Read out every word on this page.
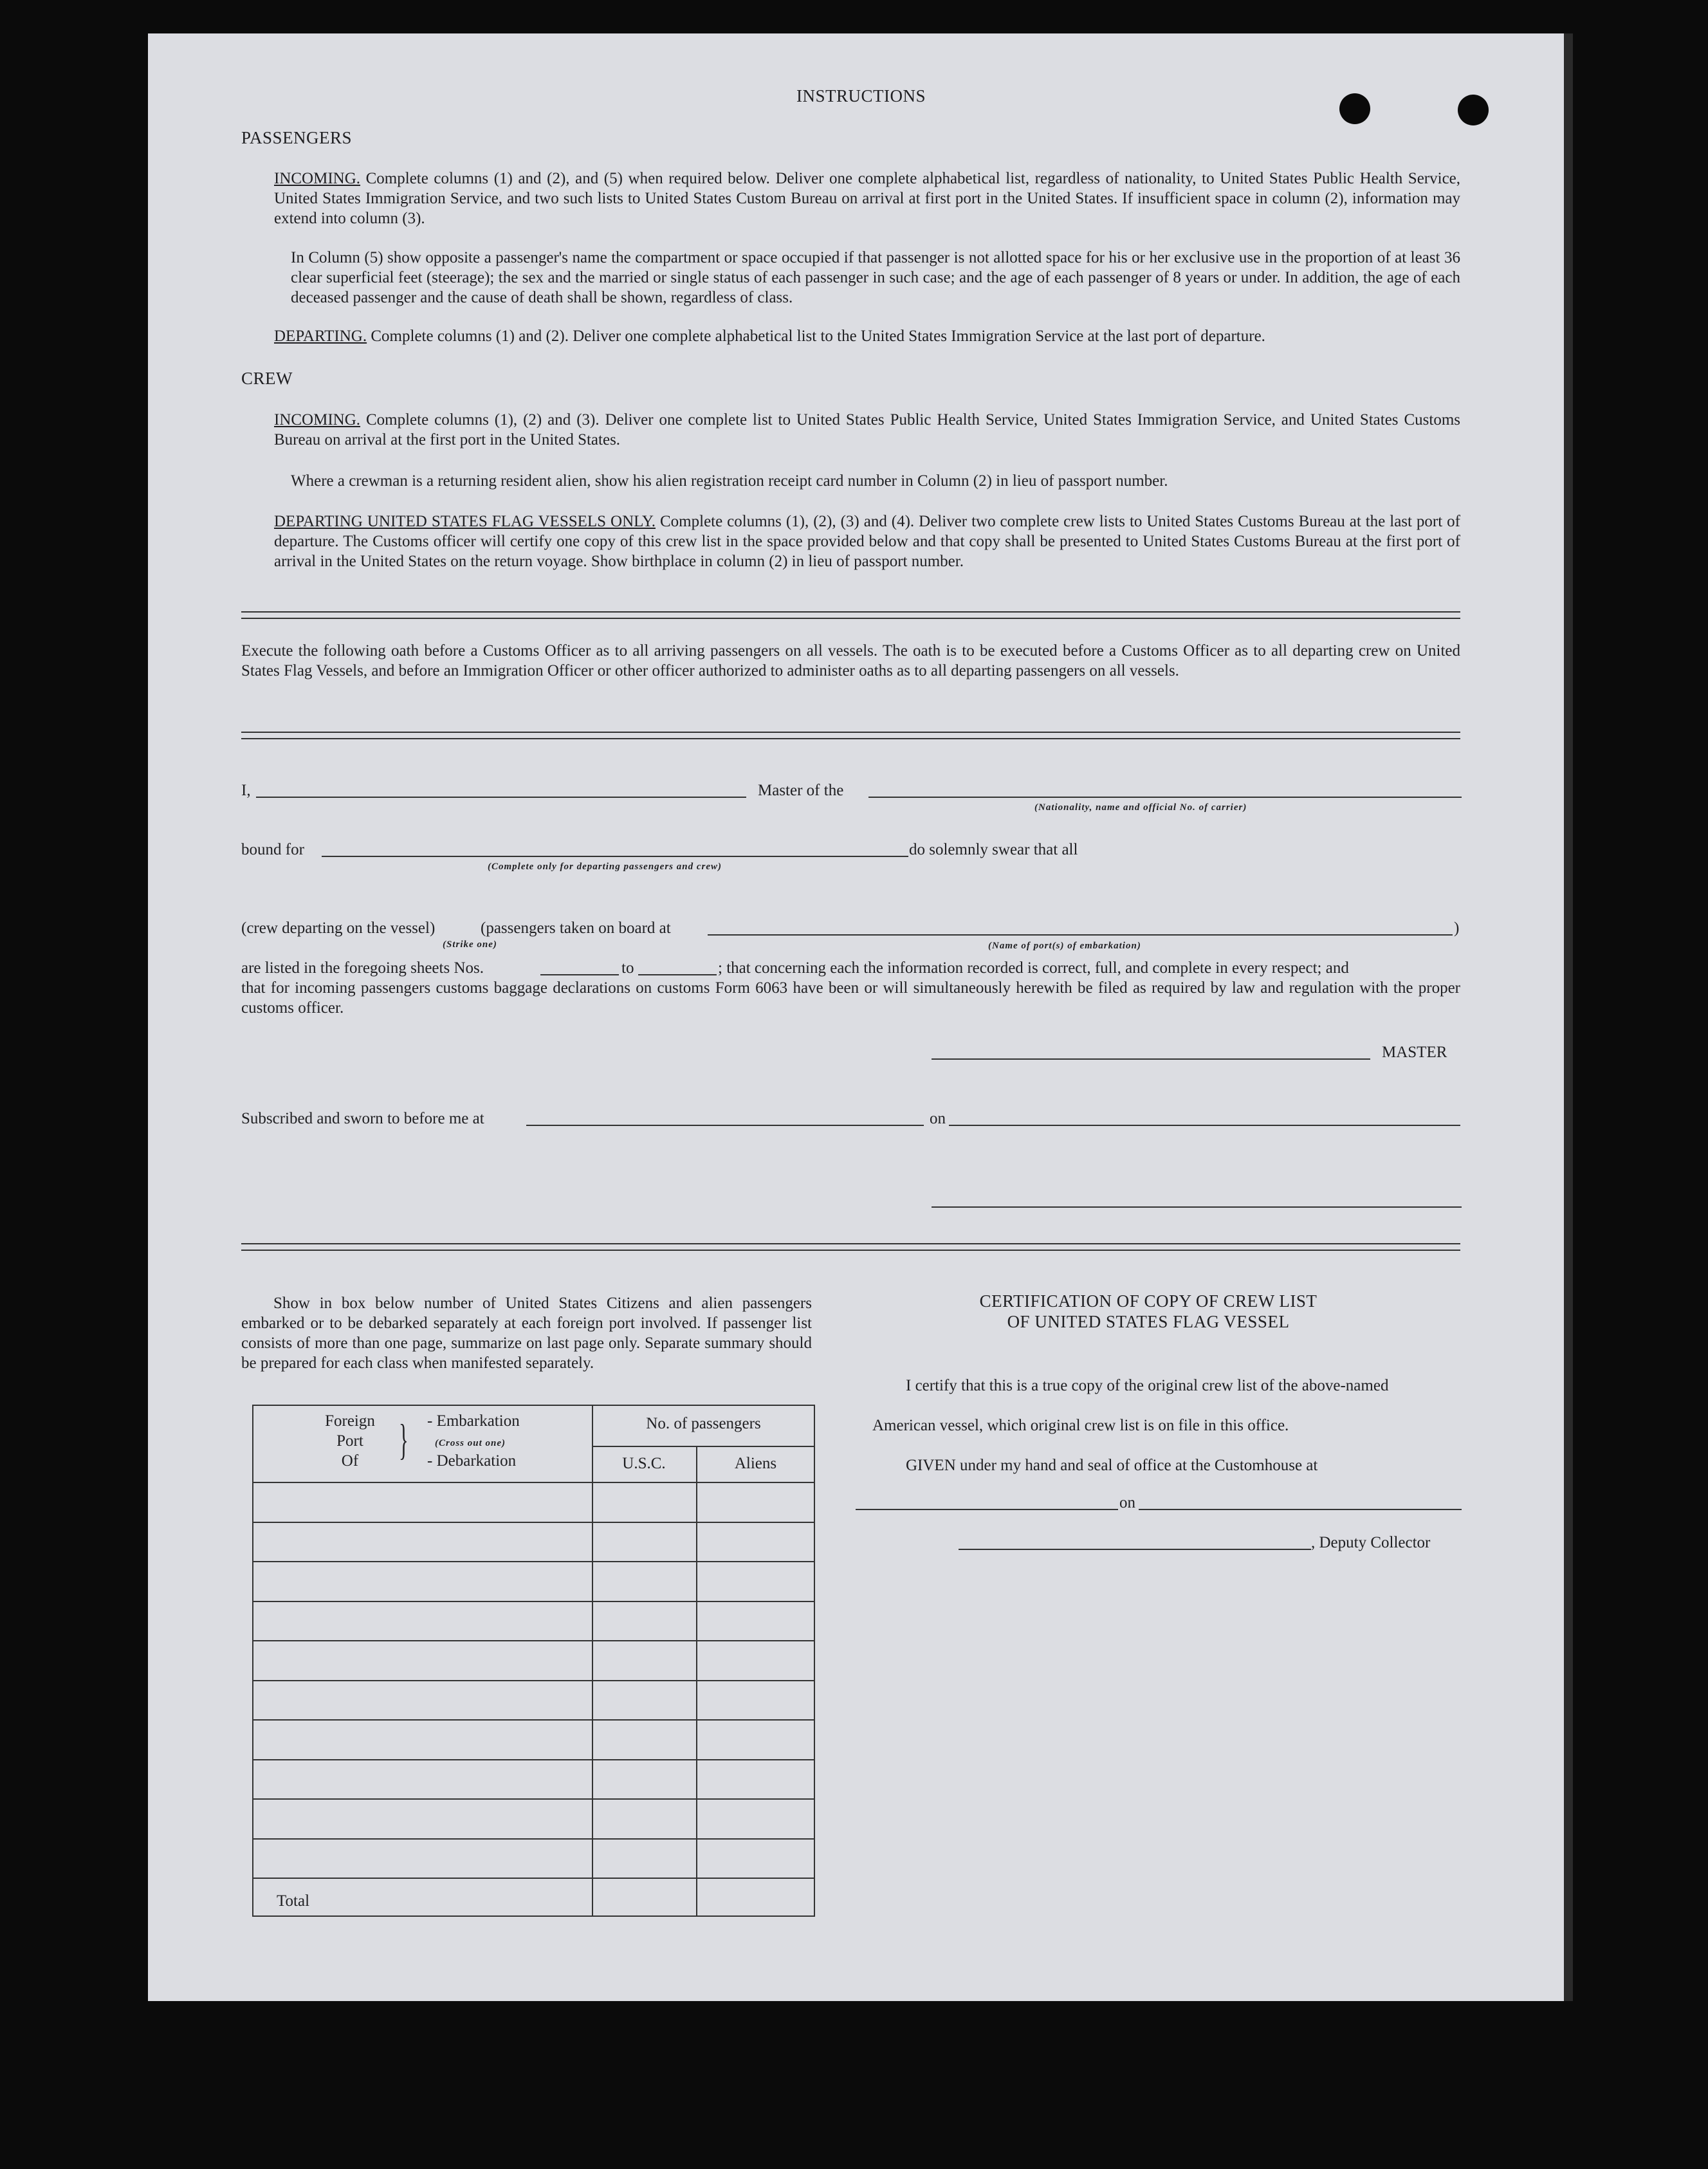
INSTRUCTIONS
PASSENGERS
INCOMING. Complete columns (1) and (2), and (5) when required below. Deliver one complete alphabetical list, regardless of nationality, to United States Public Health Service, United States Immigration Service, and two such lists to United States Custom Bureau on arrival at first port in the United States. If insufficient space in column (2), information may extend into column (3).
In Column (5) show opposite a passenger's name the compartment or space occupied if that passenger is not allotted space for his or her exclusive use in the proportion of at least 36 clear superficial feet (steerage); the sex and the married or single status of each passenger in such case; and the age of each passenger of 8 years or under. In addition, the age of each deceased passenger and the cause of death shall be shown, regardless of class.
DEPARTING. Complete columns (1) and (2). Deliver one complete alphabetical list to the United States Immigration Service at the last port of departure.
CREW
INCOMING. Complete columns (1), (2) and (3). Deliver one complete list to United States Public Health Service, United States Immigration Service, and United States Customs Bureau on arrival at the first port in the United States.
Where a crewman is a returning resident alien, show his alien registration receipt card number in Column (2) in lieu of passport number.
DEPARTING UNITED STATES FLAG VESSELS ONLY. Complete columns (1), (2), (3) and (4). Deliver two complete crew lists to United States Customs Bureau at the last port of departure. The Customs officer will certify one copy of this crew list in the space provided below and that copy shall be presented to United States Customs Bureau at the first port of arrival in the United States on the return voyage. Show birthplace in column (2) in lieu of passport number.
Execute the following oath before a Customs Officer as to all arriving passengers on all vessels. The oath is to be executed before a Customs Officer as to all departing crew on United States Flag Vessels, and before an Immigration Officer or other officer authorized to administer oaths as to all departing passengers on all vessels.
I,	Master of the
(Nationality, name and official No. of carrier)
bound for	do solemnly swear that all
(Complete only for departing passengers and crew)
(crew departing on the vessel)	(passengers taken on board at	)
(Strike one)	(Name of port(s) of embarkation)
are listed in the foregoing sheets Nos.	to	; that concerning each the information recorded is correct, full, and complete in every respect; and
that for incoming passengers customs baggage declarations on customs Form 6063 have been or will simultaneously herewith be filed as required by law and regulation with the proper customs officer.
MASTER
Subscribed and sworn to before me at	on
Show in box below number of United States Citizens and alien passengers embarked or to be debarked separately at each foreign port involved. If passenger list consists of more than one page, summarize on last page only. Separate summary should be prepared for each class when manifested separately.
Foreign
Port
Of } - Embarkation
(Cross out one)
- Debarkation
No. of passengers
U.S.C.	Aliens
Total
CERTIFICATION OF COPY OF CREW LIST
OF UNITED STATES FLAG VESSEL
I certify that this is a true copy of the original crew list of the above-named
American vessel, which original crew list is on file in this office.
GIVEN under my hand and seal of office at the Customhouse at
on
, Deputy Collector
